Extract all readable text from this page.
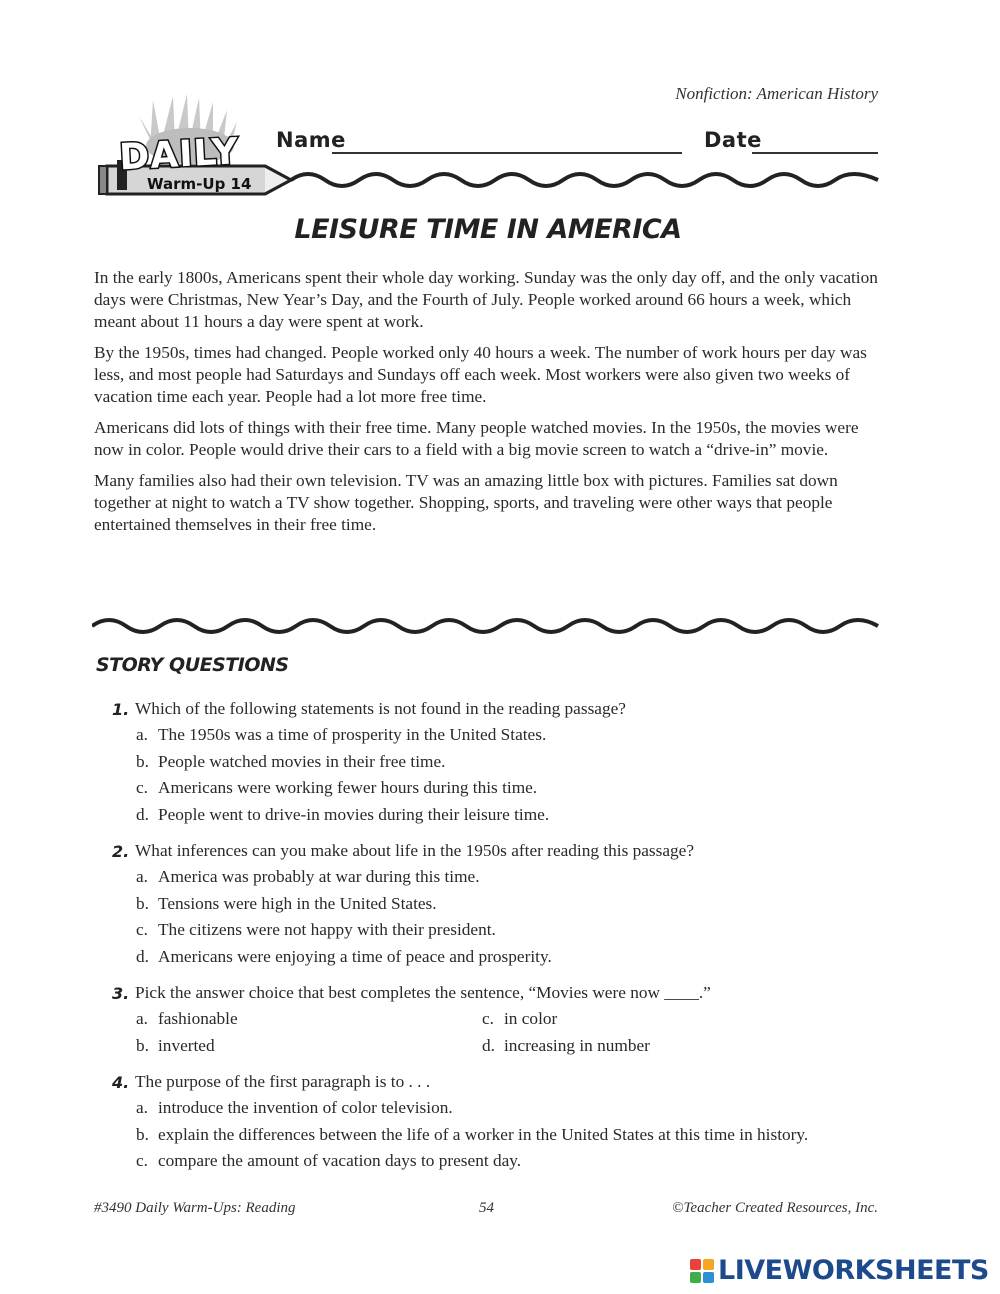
Nonfiction: American History
Warm-Up 14
DAILY Name	Date
LEISURE TIME IN AMERICA

In the early 1800s, Americans spent their whole day working. Sunday was the only day off, and the only vacation days were Christmas, New Year’s Day, and the Fourth of July. People worked around 66 hours a week, which meant about 11 hours a day were spent at work.

By the 1950s, times had changed. People worked only 40 hours a week. The number of work hours per day was less, and most people had Saturdays and Sundays off each week. Most workers were also given two weeks of vacation time each year. People had a lot more free time.

Americans did lots of things with their free time. Many people watched movies. In the 1950s, the movies were now in color. People would drive their cars to a field with a big movie screen to watch a “drive-in” movie.

Many families also had their own television. TV was an amazing little box with pictures. Families sat down together at night to watch a TV show together. Shopping, sports, and traveling were other ways that people entertained themselves in their free time.

STORY QUESTIONS
1. Which of the following statements is not found in the reading passage?
a. The 1950s was a time of prosperity in the United States.
b. People watched movies in their free time.
c. Americans were working fewer hours during this time.
d. People went to drive-in movies during their leisure time.
2. What inferences can you make about life in the 1950s after reading this passage?
a. America was probably at war during this time.
b. Tensions were high in the United States.
c. The citizens were not happy with their president.
d. Americans were enjoying a time of peace and prosperity.
3. Pick the answer choice that best completes the sentence, “Movies were now ____.”
a. fashionable	c. in color
b. inverted	d. increasing in number
4. The purpose of the first paragraph is to . . .
a. introduce the invention of color television.
b. explain the differences between the life of a worker in the United States at this time in history.
c. compare the amount of vacation days to present day.
#3490 Daily Warm-Ups: Reading	54	©Teacher Created Resources, Inc.
LIVEWORKSHEETS
